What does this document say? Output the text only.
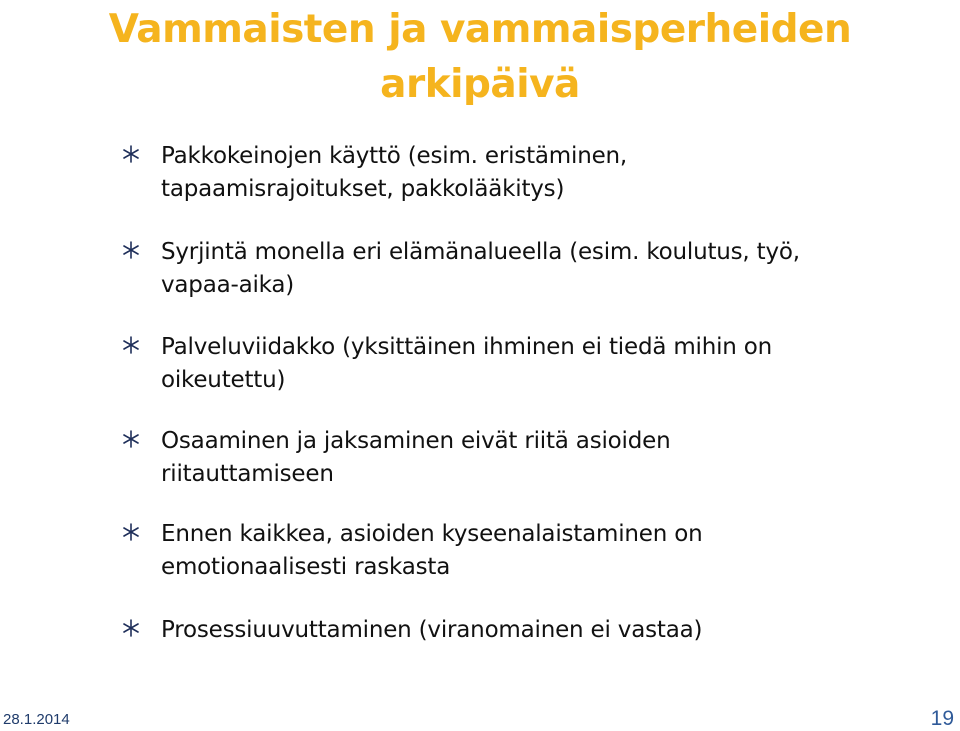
Vammaisten ja vammaisperheiden
arkipäivä
Pakkokeinojen käyttö (esim. eristäminen,
tapaamisrajoitukset, pakkolääkitys)
Syrjintä monella eri elämänalueella (esim. koulutus, työ,
vapaa-aika)
Palveluviidakko (yksittäinen ihminen ei tiedä mihin on
oikeutettu)
Osaaminen ja jaksaminen eivät riitä asioiden
riitauttamiseen
Ennen kaikkea, asioiden kyseenalaistaminen on
emotionaalisesti raskasta
Prosessiuuvuttaminen (viranomainen ei vastaa)
28.1.2014	19
